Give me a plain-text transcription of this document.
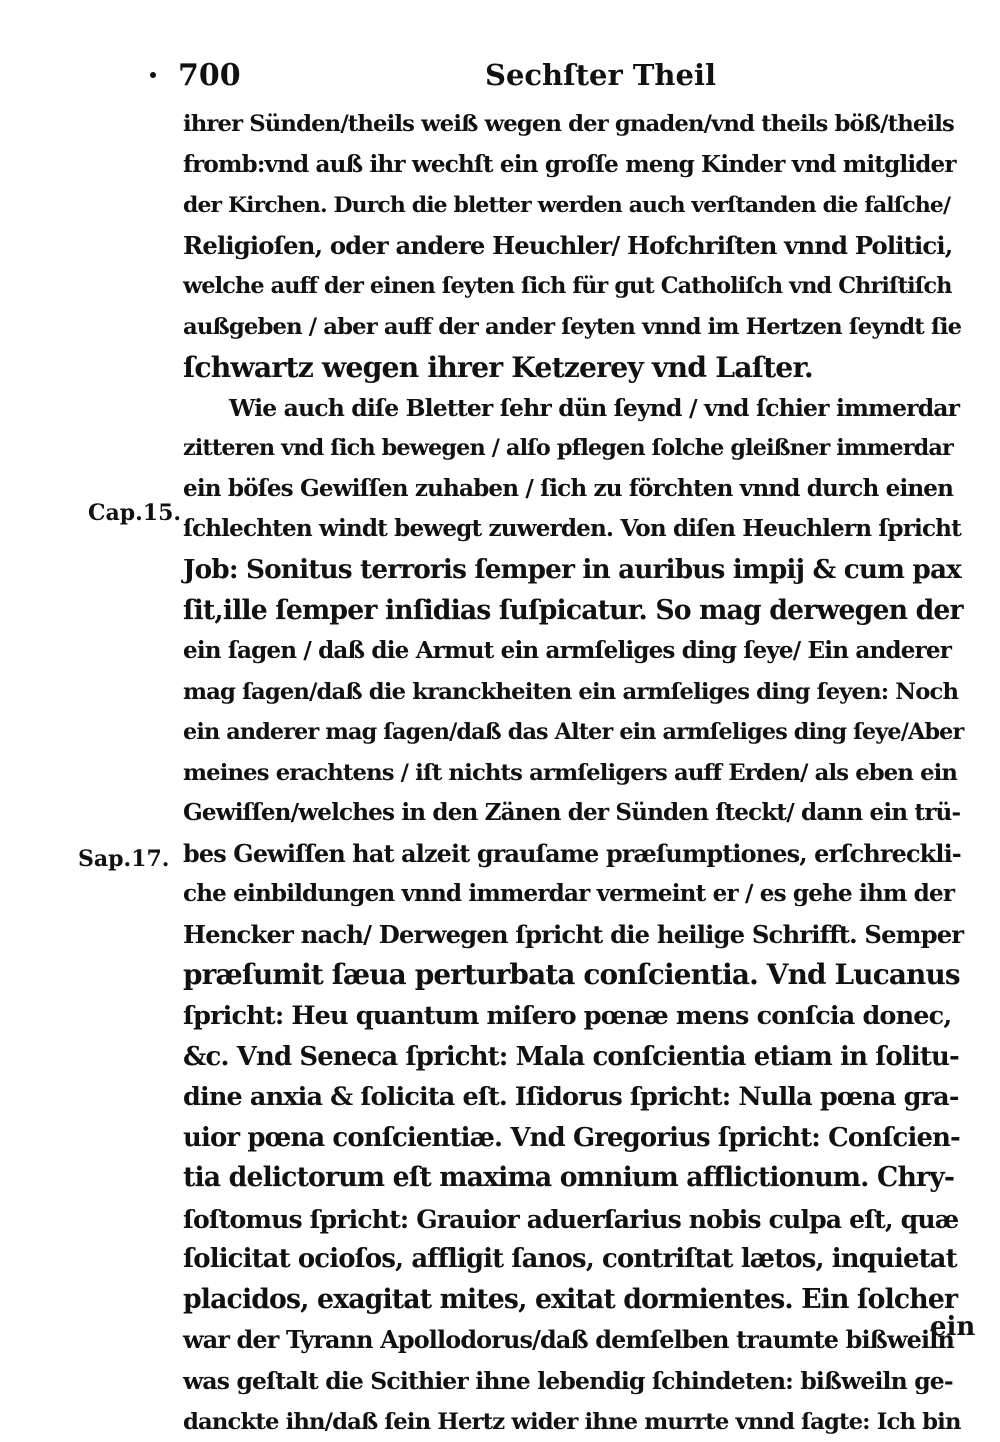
700	Sechſter Theil
Cap.15.
Sap.17.
ihrer Sünden/theils weiß wegen der gnaden/vnd theils böß/theils
fromb:vnd auß ihr wechſt ein groſſe meng Kinder vnd mitglider
der Kirchen. Durch die bletter werden auch verſtanden die falſche/
Religioſen, oder andere Heuchler/ Hofchriſten vnnd Politici,
welche auff der einen ſeyten ſich für gut Catholiſch vnd Chriſtiſch
außgeben / aber auff der ander ſeyten vnnd im Hertzen ſeyndt ſie
ſchwartz wegen ihrer Ketzerey vnd Laſter.
Wie auch diſe Bletter ſehr dün ſeynd / vnd ſchier immerdar
zitteren vnd ſich bewegen / alſo pflegen ſolche gleißner immerdar
ein böſes Gewiſſen zuhaben / ſich zu förchten vnnd durch einen
ſchlechten windt bewegt zuwerden. Von diſen Heuchlern ſpricht
Job: Sonitus terroris ſemper in auribus impij & cum pax
ſit,ille ſemper inſidias ſuſpicatur. So mag derwegen der
ein ſagen / daß die Armut ein armſeliges ding ſeye/ Ein anderer
mag ſagen/daß die kranckheiten ein armſeliges ding ſeyen: Noch
ein anderer mag ſagen/daß das Alter ein armſeliges ding ſeye/Aber
meines erachtens / iſt nichts armſeligers auff Erden/ als eben ein
Gewiſſen/welches in den Zänen der Sünden ſteckt/ dann ein trü-
bes Gewiſſen hat alzeit grauſame præſumptiones, erſchreckli-
che einbildungen vnnd immerdar vermeint er / es gehe ihm der
Hencker nach/ Derwegen ſpricht die heilige Schrifft. Semper
præſumit ſæua perturbata conſcientia. Vnd Lucanus
ſpricht: Heu quantum miſero pœnæ mens conſcia donec,
&c. Vnd Seneca ſpricht: Mala conſcientia etiam in ſolitu-
dine anxia & ſolicita eſt. Iſidorus ſpricht: Nulla pœna gra-
uior pœna conſcientiæ. Vnd Gregorius ſpricht: Conſcien-
tia delictorum eſt maxima omnium afflictionum. Chry-
ſoſtomus ſpricht: Grauior aduerſarius nobis culpa eſt, quæ
ſolicitat ocioſos, affligit ſanos, contriſtat lætos, inquietat
placidos, exagitat mites, exitat dormientes. Ein ſolcher
war der Tyrann Apollodorus/daß demſelben traumte bißweiln
was geſtalt die Scithier ihne lebendig ſchindeten: bißweiln ge-
danckte ihn/daß ſein Hertz wider ihne murrte vnnd ſagte: Ich bin
ein
